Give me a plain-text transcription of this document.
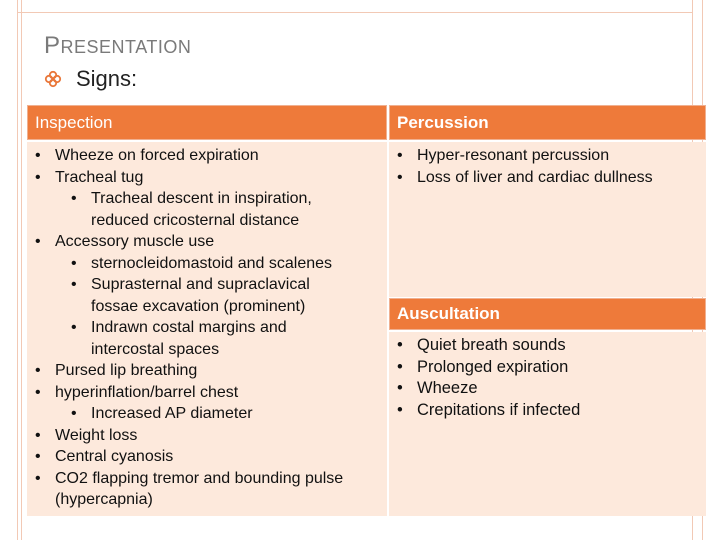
PRESENTATION
Signs:
Inspection	Percussion
• Wheeze on forced expiration
• Tracheal tug
• Tracheal descent in inspiration,
reduced cricosternal distance
• Accessory muscle use
• sternocleidomastoid and scalenes
• Suprasternal and supraclavical
fossae excavation (prominent)
• Indrawn costal margins and
intercostal spaces
• Pursed lip breathing
• hyperinflation/barrel chest
• Increased AP diameter
• Weight loss
• Central cyanosis
• CO2 flapping tremor and bounding pulse
(hypercapnia)
• Hyper-resonant percussion
• Loss of liver and cardiac dullness
Auscultation
• Quiet breath sounds
• Prolonged expiration
• Wheeze
• Crepitations if infected
